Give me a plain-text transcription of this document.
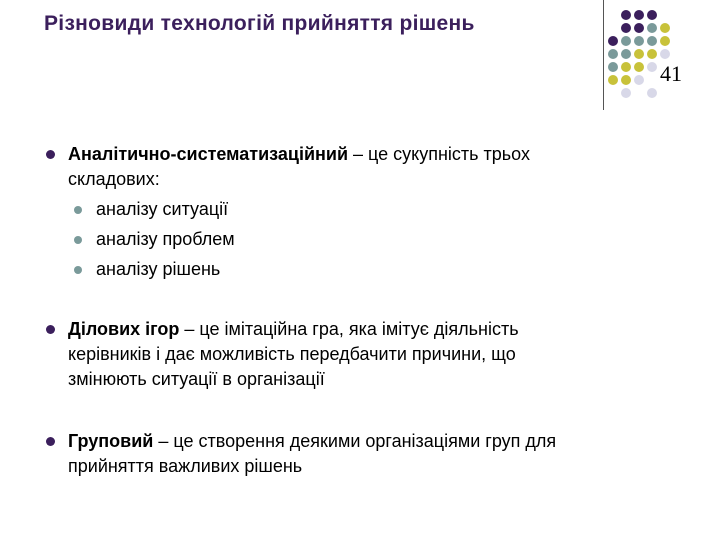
Різновиди технологій прийняття рішень
41
Аналітично-систематизаційний – це сукупність трьох
складових:
аналізу ситуації
аналізу проблем
аналізу рішень
Ділових ігор – це імітаційна гра, яка імітує діяльність
керівників і дає можливість передбачити причини, що
змінюють ситуації в організації
Груповий – це створення деякими організаціями груп для
прийняття важливих рішень
